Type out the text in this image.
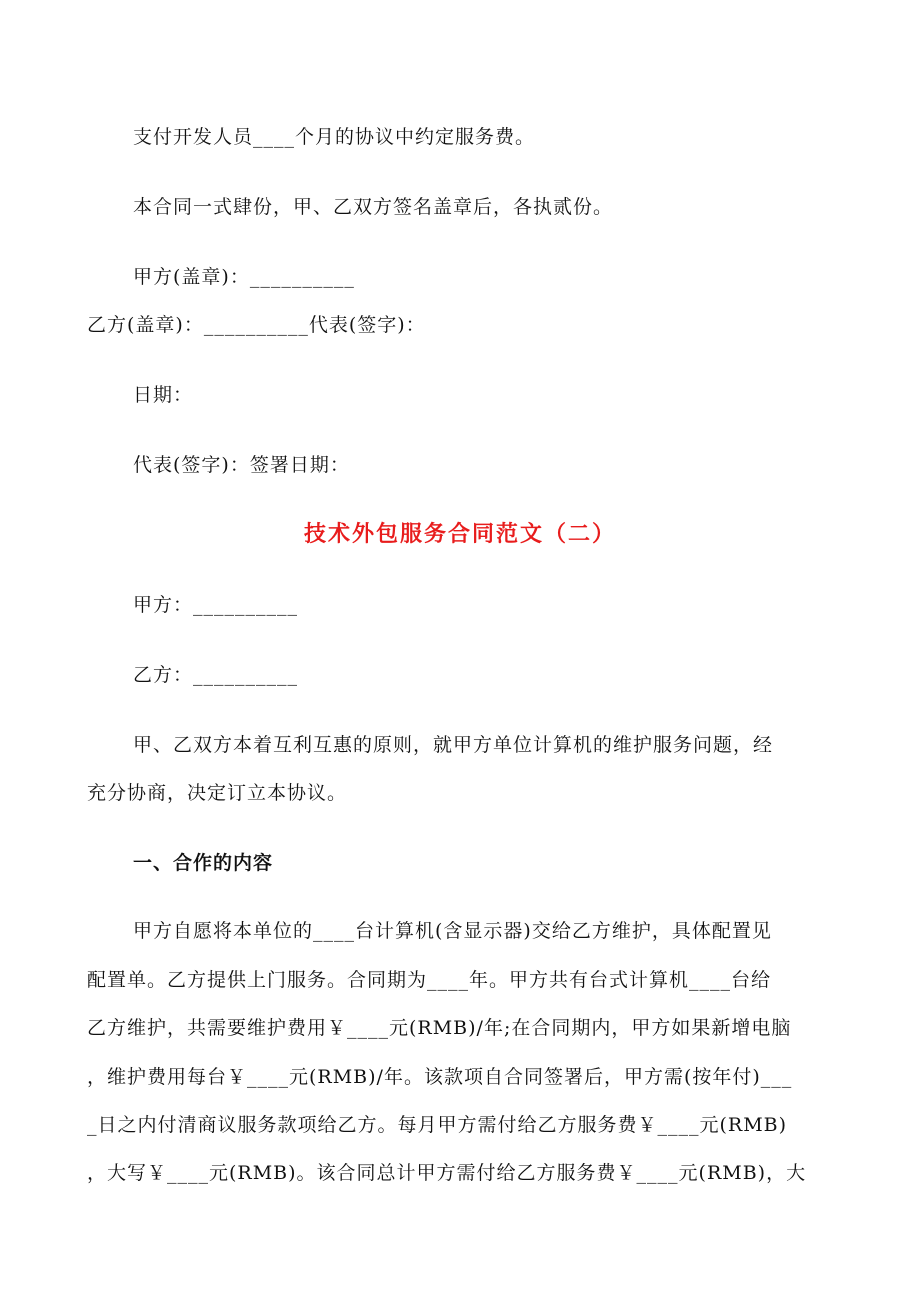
支付开发人员____个月的协议中约定服务费。
本合同一式肆份，甲、乙双方签名盖章后，各执贰份。
甲方(盖章)：__________
乙方(盖章)：__________代表(签字)：
日期：
代表(签字)：签署日期：
技术外包服务合同范文（二）
甲方：__________
乙方：__________
甲、乙双方本着互利互惠的原则，就甲方单位计算机的维护服务问题，经
充分协商，决定订立本协议。
一、合作的内容
甲方自愿将本单位的____台计算机(含显示器)交给乙方维护，具体配置见
配置单。乙方提供上门服务。合同期为____年。甲方共有台式计算机____台给
乙方维护，共需要维护费用￥____元(RMB)/年;在合同期内，甲方如果新增电脑
，维护费用每台￥____元(RMB)/年。该款项自合同签署后，甲方需(按年付)___
_日之内付清商议服务款项给乙方。每月甲方需付给乙方服务费￥____元(RMB)
，大写￥____元(RMB)。该合同总计甲方需付给乙方服务费￥____元(RMB)，大
